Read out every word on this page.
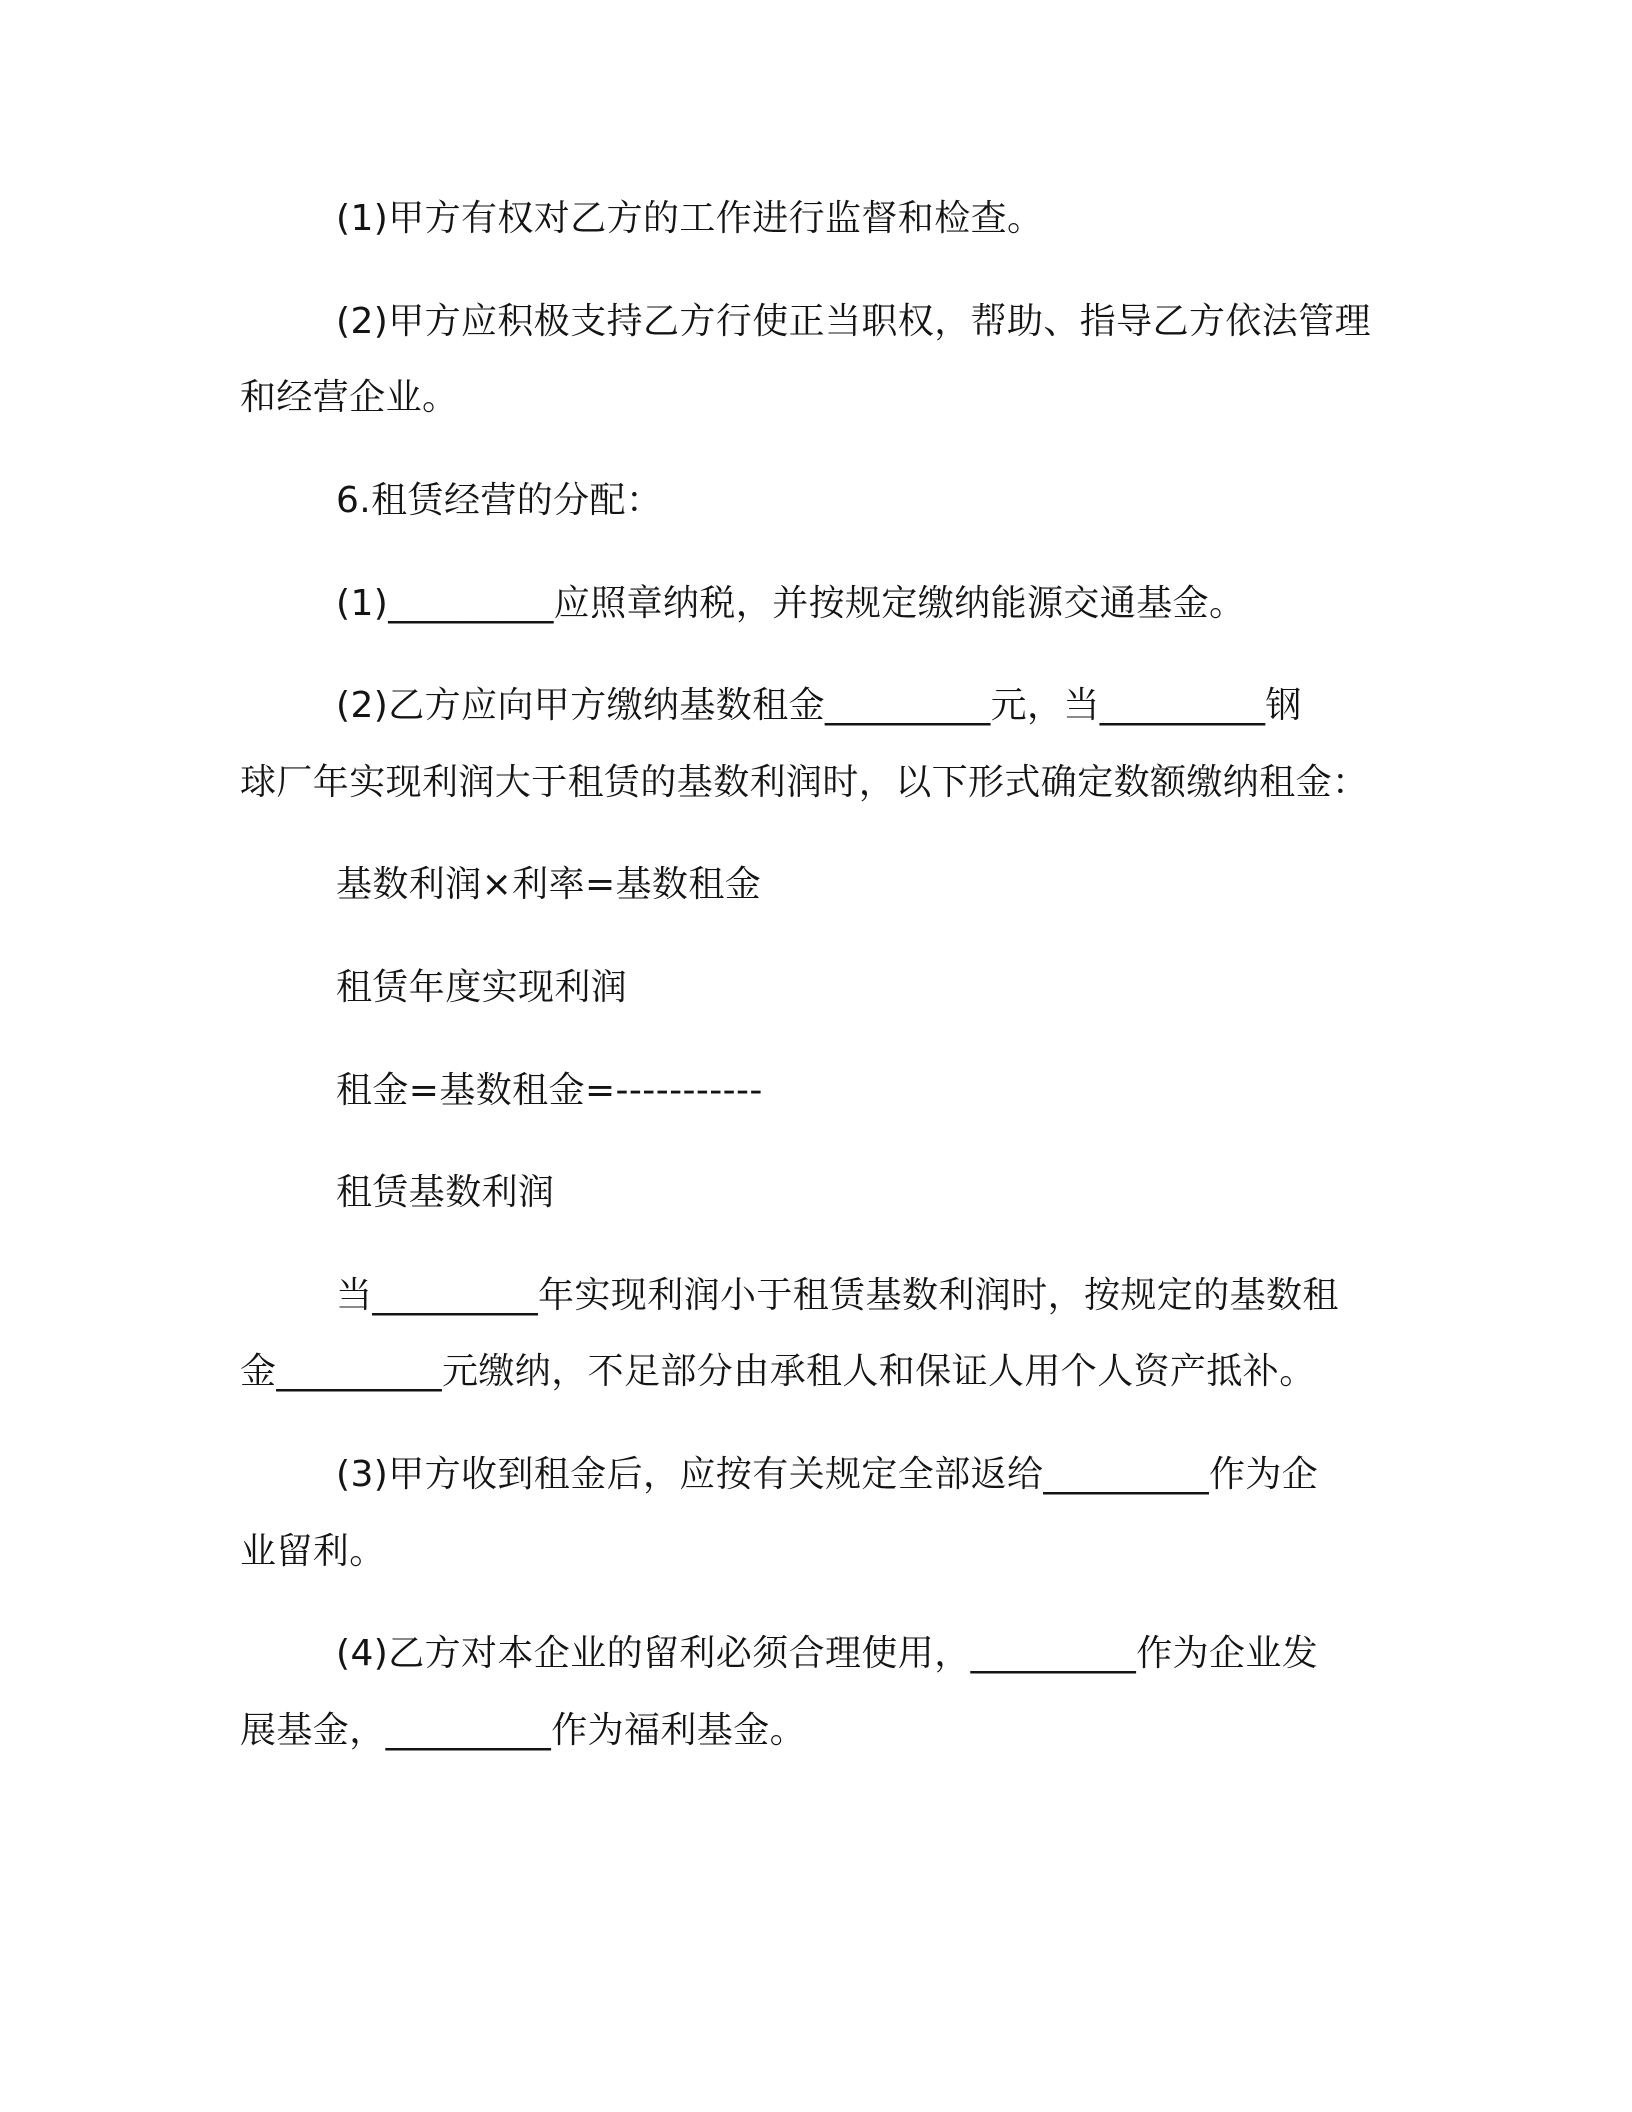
(1)甲方有权对乙方的工作进行监督和检查。
(2)甲方应积极支持乙方行使正当职权，帮助、指导乙方依法管理
和经营企业。
6.租赁经营的分配：
(1)_________应照章纳税，并按规定缴纳能源交通基金。
(2)乙方应向甲方缴纳基数租金_________元，当_________钢
球厂年实现利润大于租赁的基数利润时，以下形式确定数额缴纳租金：
基数利润×利率=基数租金
租赁年度实现利润
租金=基数租金=-----------
租赁基数利润
当_________年实现利润小于租赁基数利润时，按规定的基数租
金_________元缴纳，不足部分由承租人和保证人用个人资产抵补。
(3)甲方收到租金后，应按有关规定全部返给_________作为企
业留利。
(4)乙方对本企业的留利必须合理使用，_________作为企业发
展基金，_________作为福利基金。
